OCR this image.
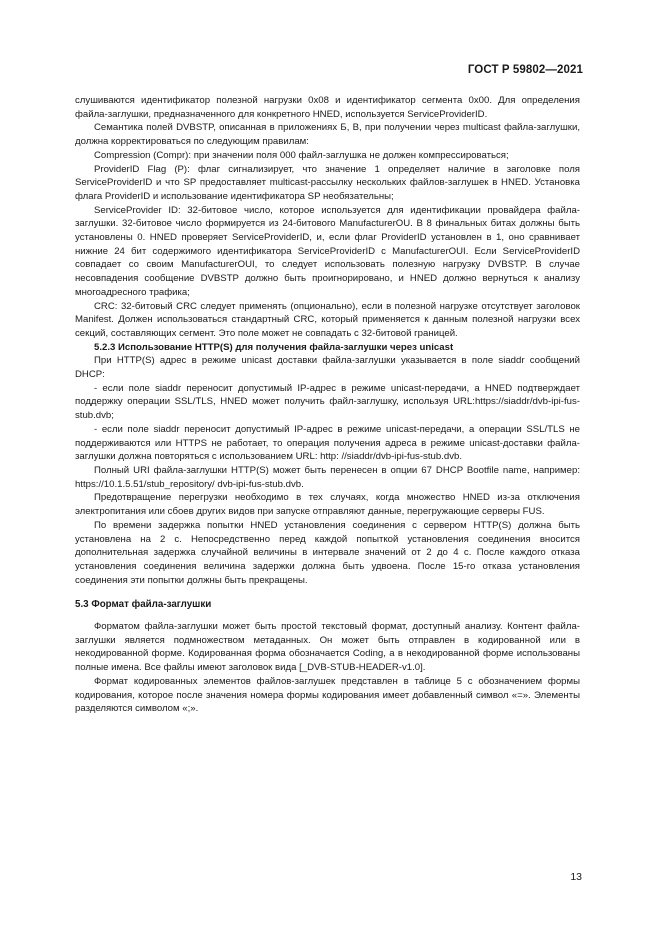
ГОСТ Р 59802—2021

слушиваются идентификатор полезной нагрузки 0x08 и идентификатор сегмента 0x00. Для определения файла-заглушки, предназначенного для конкретного HNED, используется ServiceProviderID.

Семантика полей DVBSTP, описанная в приложениях Б, В, при получении через multicast файла-заглушки, должна корректироваться по следующим правилам:

Compression (Compr): при значении поля 000 файл-заглушка не должен компрессироваться;

ProviderID Flag (P): флаг сигнализирует, что значение 1 определяет наличие в заголовке поля ServiceProviderID и что SP предоставляет multicast-рассылку нескольких файлов-заглушек в HNED. Установка флага ProviderID и использование идентификатора SP необязательны;

ServiceProvider ID: 32-битовое число, которое используется для идентификации провайдера файла-заглушки. 32-битовое число формируется из 24-битового ManufacturerOU. В 8 финальных битах должны быть установлены 0. HNED проверяет ServiceProviderID, и, если флаг ProviderID установлен в 1, оно сравнивает нижние 24 бит содержимого идентификатора ServiceProviderID с ManufacturerOUI. Если ServiceProviderID совпадает со своим ManufacturerOUI, то следует использовать полезную нагрузку DVBSTP. В случае несовпадения сообщение DVBSTP должно быть проигнорировано, и HNED должно вернуться к анализу многоадресного трафика;

CRC: 32-битовый CRC следует применять (опционально), если в полезной нагрузке отсутствует заголовок Manifest. Должен использоваться стандартный CRC, который применяется к данным полезной нагрузки всех секций, составляющих сегмент. Это поле может не совпадать с 32-битовой границей.

5.2.3 Использование HTTP(S) для получения файла-заглушки через unicast

При HTTP(S) адрес в режиме unicast доставки файла-заглушки указывается в поле siaddr сообщений DHCP:

- если поле siaddr переносит допустимый IP-адрес в режиме unicast-передачи, а HNED подтверждает поддержку операции SSL/TLS, HNED может получить файл-заглушку, используя URL:https://siaddr/dvb-ipi-fus-stub.dvb;

- если поле siaddr переносит допустимый IP-адрес в режиме unicast-передачи, а операции SSL/TLS не поддерживаются или HTTPS не работает, то операция получения адреса в режиме unicast-доставки файла-заглушки должна повторяться с использованием URL: http: //siaddr/dvb-ipi-fus-stub.dvb.

Полный URI файла-заглушки HTTP(S) может быть перенесен в опции 67 DHCP Bootfile name, например: https://10.1.5.51/stub_repository/ dvb-ipi-fus-stub.dvb.

Предотвращение перегрузки необходимо в тех случаях, когда множество HNED из-за отключения электропитания или сбоев других видов при запуске отправляют данные, перегружающие серверы FUS.

По времени задержка попытки HNED установления соединения с сервером HTTP(S) должна быть установлена на 2 с. Непосредственно перед каждой попыткой установления соединения вносится дополнительная задержка случайной величины в интервале значений от 2 до 4 с. После каждого отказа установления соединения величина задержки должна быть удвоена. После 15-го отказа установления соединения эти попытки должны быть прекращены.

5.3 Формат файла-заглушки

Форматом файла-заглушки может быть простой текстовый формат, доступный анализу. Контент файла-заглушки является подмножеством метаданных. Он может быть отправлен в кодированной или в некодированной форме. Кодированная форма обозначается Coding, а в некодированной форме использованы полные имена. Все файлы имеют заголовок вида [_DVB-STUB-HEADER-v1.0].

Формат кодированных элементов файлов-заглушек представлен в таблице 5 с обозначением формы кодирования, которое после значения номера формы кодирования имеет добавленный символ «=». Элементы разделяются символом «;».

13
